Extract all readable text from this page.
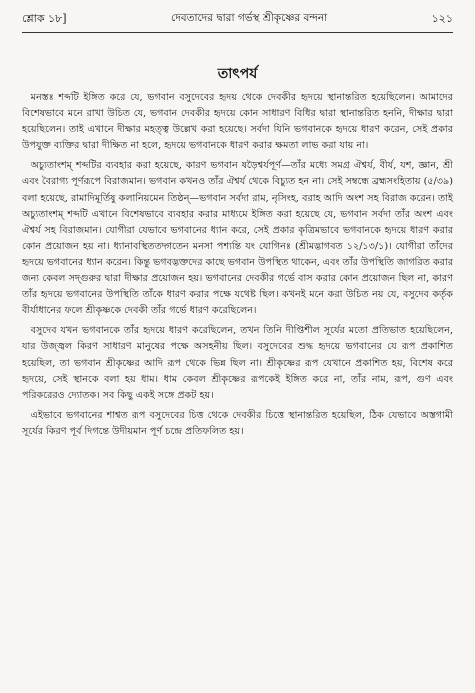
শ্লোক ১৮]	দেবতাদের দ্বারা গর্ভস্থ শ্রীকৃষ্ণের বন্দনা	১২১
তাৎপর্য

মনস্তঃ শব্দটি ইঙ্গিত করে যে, ভগবান বসুদেবের হৃদয় থেকে দেবকীর হৃদয়ে স্থানান্তরিত হয়েছিলেন। আমাদের বিশেষভাবে মনে রাখা উচিত যে, ভগবান দেবকীর হৃদয়ে কোন সাধারণ বিধির দ্বারা স্থানান্তরিত হননি, দীক্ষার দ্বারা হয়েছিলেন। তাই এখানে দীক্ষার মহত্ত্ব উল্লেখ করা হয়েছে। সর্বদা যিনি ভগবানকে হৃদয়ে ধারণ করেন, সেই প্রকার উপযুক্ত ব্যক্তির দ্বারা দীক্ষিত না হলে, হৃদয়ে ভগবানকে ধারণ করার ক্ষমতা লাভ করা যায় না।

অচ্যুতাংশম্ শব্দটির ব্যবহার করা হয়েছে, কারণ ভগবান ষড়ৈশ্বর্যপূর্ণ—তাঁর মধ্যে সমগ্র ঐশ্বর্য, বীর্য, যশ, জ্ঞান, শ্রী এবং বৈরাগ্য পূর্ণরূপে বিরাজমান। ভগবান কখনও তাঁর ঐশ্বর্য থেকে বিচ্যুত হন না। সেই সম্বন্ধে ব্রহ্মসংহিতায় (৫/৩৯) বলা হয়েছে, রামাদিমূর্তিষু কলানিয়মেন তিষ্ঠন্—ভগবান সর্বদা রাম, নৃসিংহ, বরাহ আদি অংশ সহ বিরাজ করেন। তাই অচ্যুতাংশম্ শব্দটি এখানে বিশেষভাবে ব্যবহার করার মাধ্যমে ইঙ্গিত করা হয়েছে যে, ভগবান সর্বদা তাঁর অংশ এবং ঐশ্বর্য সহ বিরাজমান। যোগীরা যেভাবে ভগবানের ধ্যান করে, সেই প্রকার কৃত্রিমভাবে ভগবানকে হৃদয়ে ধারণ করার কোন প্রয়োজন হয় না। ধ্যানাবস্থিততদ্গতেন মনসা পশ্যন্তি যং যোগিনঃ (শ্রীমদ্ভাগবত ১২/১৩/১)। যোগীরা তাঁদের হৃদয়ে ভগবানের ধ্যান করেন। কিন্তু ভগবদ্ভক্তদের কাছে ভগবান উপস্থিত থাকেন, এবং তাঁর উপস্থিতি জাগরিত করার জন্য কেবল সদ্গুরুর দ্বারা দীক্ষার প্রয়োজন হয়। ভগবানের দেবকীর গর্ভে বাস করার কোন প্রয়োজন ছিল না, কারণ তাঁর হৃদয়ে ভগবানের উপস্থিতি তাঁকে ধারণ করার পক্ষে যথেষ্ট ছিল। কখনই মনে করা উচিত নয় যে, বসুদেব কর্তৃক বীর্যাধানের ফলে শ্রীকৃষ্ণকে দেবকী তাঁর গর্ভে ধারণ করেছিলেন।

বসুদেব যখন ভগবানকে তাঁর হৃদয়ে ধারণ করেছিলেন, তখন তিনি দীপ্তিশীল সূর্যের মতো প্রতিভাত হয়েছিলেন, যার উজ্জ্বল কিরণ সাধারণ মানুষের পক্ষে অসহনীয় ছিল। বসুদেবের শুদ্ধ হৃদয়ে ভগবানের যে রূপ প্রকাশিত হয়েছিল, তা ভগবান শ্রীকৃষ্ণের আদি রূপ থেকে ভিন্ন ছিল না। শ্রীকৃষ্ণের রূপ যেখানে প্রকাশিত হয়, বিশেষ করে হৃদয়ে, সেই স্থানকে বলা হয় ধাম। ধাম কেবল শ্রীকৃষ্ণের রূপকেই ইঙ্গিত করে না, তাঁর নাম, রূপ, গুণ এবং পরিকরেরও দ্যোতক। সব কিছু একই সঙ্গে প্রকট হয়।

এইভাবে ভগবানের শাশ্বত রূপ বসুদেবের চিত্ত থেকে দেবকীর চিত্তে স্থানান্তরিত হয়েছিল, ঠিক যেভাবে অস্তগামী সূর্যের কিরণ পূর্ব দিগন্তে উদীয়মান পূর্ণ চন্দ্রে প্রতিফলিত হয়।
